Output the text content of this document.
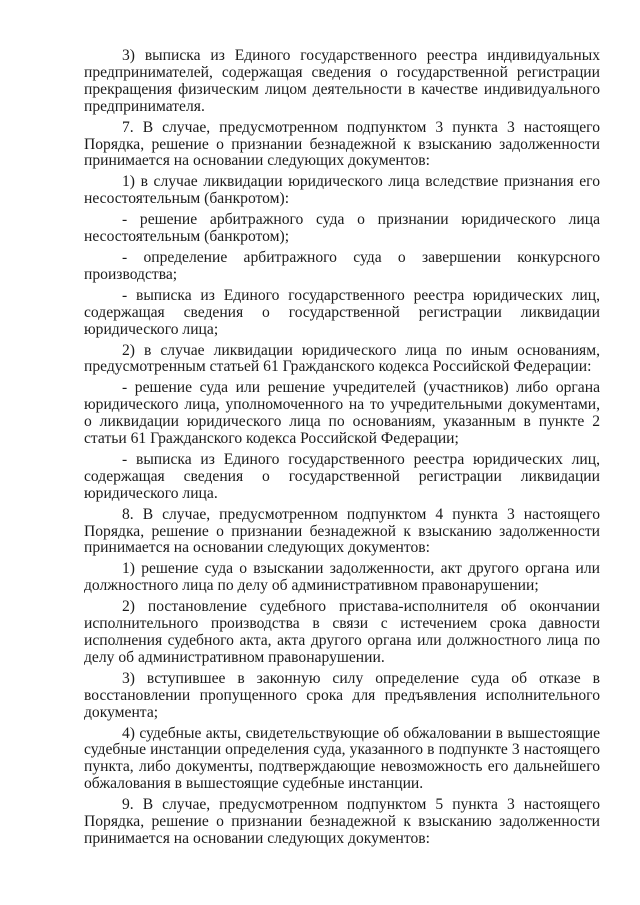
3) выписка из Единого государственного реестра индивидуальных предпринимателей, содержащая сведения о государственной регистрации прекращения физическим лицом деятельности в качестве индивидуального предпринимателя.

7. В случае, предусмотренном подпунктом 3 пункта 3 настоящего Порядка, решение о признании безнадежной к взысканию задолженности принимается на основании следующих документов:

1) в случае ликвидации юридического лица вследствие признания его несостоятельным (банкротом):

- решение арбитражного суда о признании юридического лица несостоятельным (банкротом);

- определение арбитражного суда о завершении конкурсного производства;

- выписка из Единого государственного реестра юридических лиц, содержащая сведения о государственной регистрации ликвидации юридического лица;

2) в случае ликвидации юридического лица по иным основаниям, предусмотренным статьей 61 Гражданского кодекса Российской Федерации:

- решение суда или решение учредителей (участников) либо органа юридического лица, уполномоченного на то учредительными документами, о ликвидации юридического лица по основаниям, указанным в пункте 2 статьи 61 Гражданского кодекса Российской Федерации;

- выписка из Единого государственного реестра юридических лиц, содержащая сведения о государственной регистрации ликвидации юридического лица.

8. В случае, предусмотренном подпунктом 4 пункта 3 настоящего Порядка, решение о признании безнадежной к взысканию задолженности принимается на основании следующих документов:

1) решение суда о взыскании задолженности, акт другого органа или должностного лица по делу об административном правонарушении;

2) постановление судебного пристава-исполнителя об окончании исполнительного производства в связи с истечением срока давности исполнения судебного акта, акта другого органа или должностного лица по делу об административном правонарушении.

3) вступившее в законную силу определение суда об отказе в восстановлении пропущенного срока для предъявления исполнительного документа;

4) судебные акты, свидетельствующие об обжаловании в вышестоящие судебные инстанции определения суда, указанного в подпункте 3 настоящего пункта, либо документы, подтверждающие невозможность его дальнейшего обжалования в вышестоящие судебные инстанции.

9. В случае, предусмотренном подпунктом 5 пункта 3 настоящего Порядка, решение о признании безнадежной к взысканию задолженности принимается на основании следующих документов:
